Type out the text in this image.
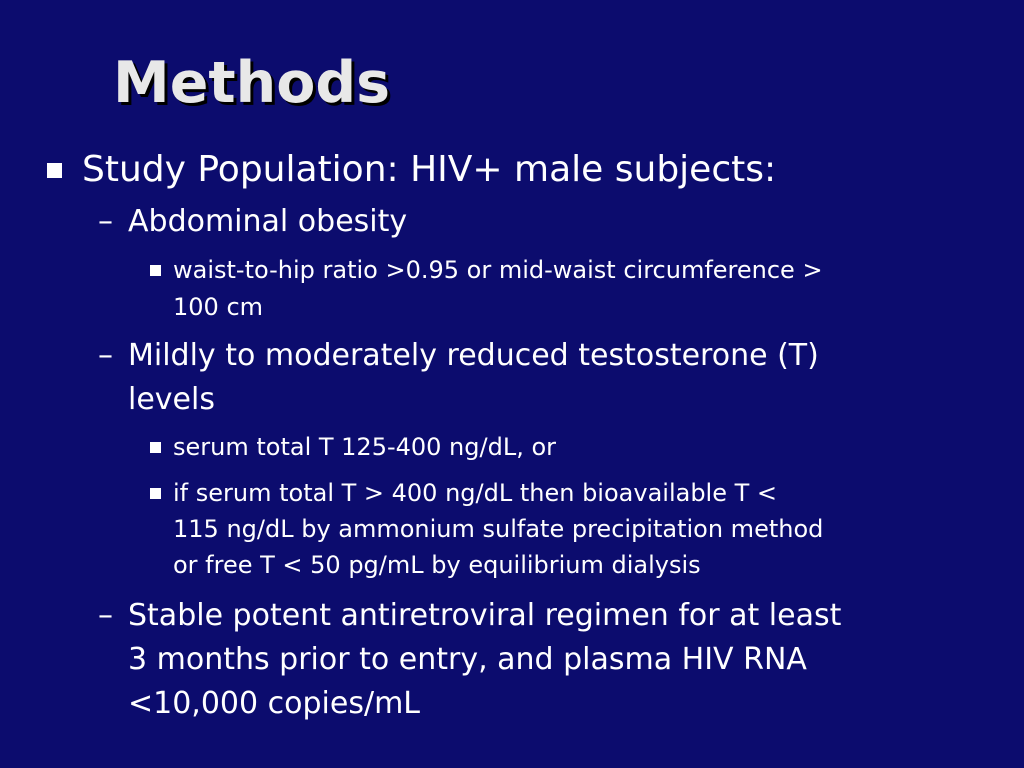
Methods
Study Population: HIV+ male subjects:
– Abdominal obesity
waist-to-hip ratio >0.95 or mid-waist circumference >
100 cm
– Mildly to moderately reduced testosterone (T)
levels
serum total T 125-400 ng/dL, or
if serum total T > 400 ng/dL then bioavailable T <
115 ng/dL by ammonium sulfate precipitation method
or free T < 50 pg/mL by equilibrium dialysis
– Stable potent antiretroviral regimen for at least
3 months prior to entry, and plasma HIV RNA
<10,000 copies/mL
